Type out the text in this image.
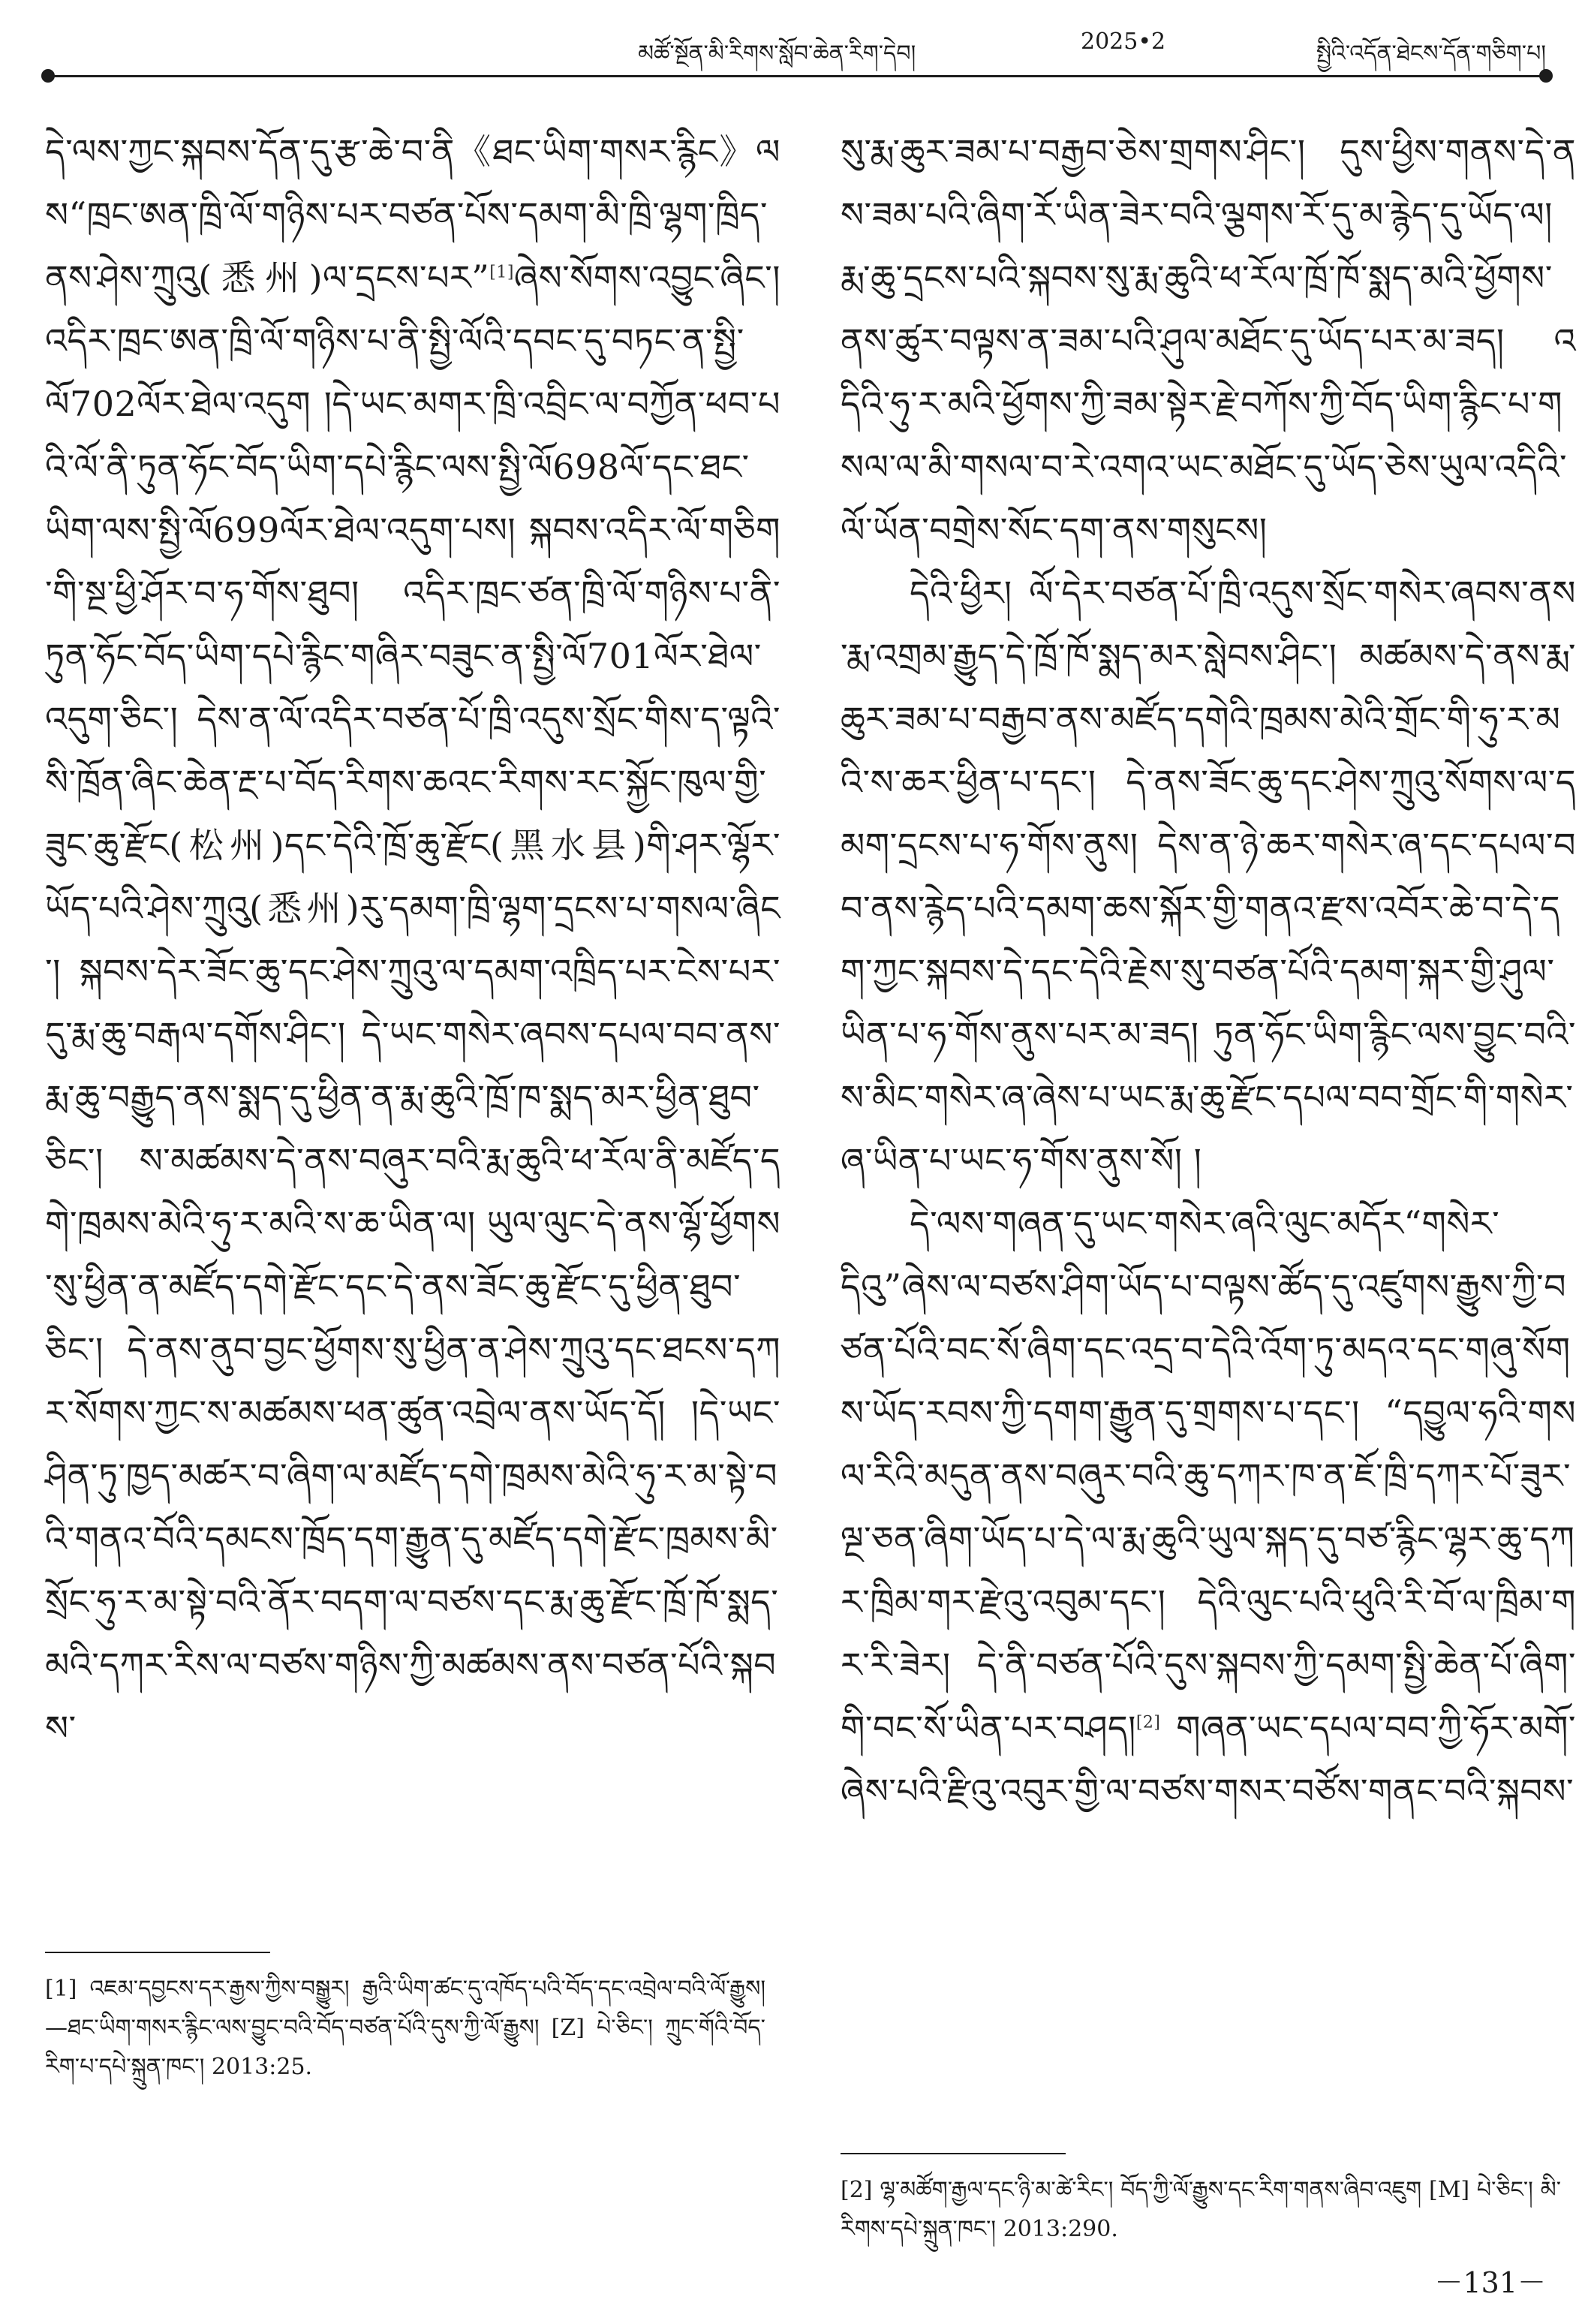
མཚོ་སྔོན་མི་རིགས་སློབ་ཆེན་རིག་དེབ།	2025•2	སྤྱིའི་འདོན་ཐེངས་དོན་གཅིག་པ།

དེ་ལས་ཀྱང་སྐབས་དོན་དུ་རྩ་ཆེ་བ་ནི《ཐང་ཡིག་གསར་རྙིང》ལས“ཁྲང་ཨན་ཁྲི་ལོ་གཉིས་པར་བཙན་པོས་དམག་མི་ཁྲི་ལྷག་ཁྲིད་ནས་ཤེས་ཀྲུའུ(悉州)ལ་དྲངས་པར”[1]ཞེས་སོགས་འབྱུང་ཞིང་། འདིར་ཁྲང་ཨན་ཁྲི་ལོ་གཉིས་པ་ནི་སྤྱི་ལོའི་དབང་དུ་བཏང་ན་སྤྱི་ལོ702ལོར་ཐེལ་འདུག །དེ་ཡང་མགར་ཁྲི་འབྲིང་ལ་བཀྱོན་ཕབ་པའི་ལོ་ནི་ཏུན་ཧོང་བོད་ཡིག་དཔེ་རྙིང་ལས་སྤྱི་ལོ698ལོ་དང་ཐང་ཡིག་ལས་སྤྱི་ལོ699ལོར་ཐེལ་འདུག་པས། སྐབས་འདིར་ལོ་གཅིག་གི་སྔ་ཕྱི་ཤོར་བ་ཧ་གོས་ཐུབ། འདིར་ཁྲང་ཙན་ཁྲི་ལོ་གཉིས་པ་ནི་ཏུན་ཧོང་བོད་ཡིག་དཔེ་རྙིང་གཞིར་བཟུང་ན་སྤྱི་ལོ701ལོར་ཐེལ་འདུག་ཅིང་། དེས་ན་ལོ་འདིར་བཙན་པོ་ཁྲི་འདུས་སྲོང་གིས་ད་ལྟའི་སི་ཁྲོན་ཞིང་ཆེན་རྔ་པ་བོད་རིགས་ཆའང་རིགས་རང་སྐྱོང་ཁུལ་གྱི་ཟུང་ཆུ་རྫོང(松州)དང་དེའི་ཁྲོ་ཆུ་རྫོང(黑水县)གི་ཤར་ལྷོར་ཡོད་པའི་ཤེས་ཀྲུའུ(悉州)རུ་དམག་ཁྲི་ལྷག་དྲངས་པ་གསལ་ཞིང་། སྐབས་དེར་ཟོང་ཆུ་དང་ཤེས་ཀྲུའུ་ལ་དམག་འཁྲིད་པར་ངེས་པར་དུ་རྨ་ཆུ་བརྒལ་དགོས་ཤིང་། དེ་ཡང་གསེར་ཞབས་དཔལ་བབ་ནས་རྨ་ཆུ་བརྒྱུད་ནས་སྨད་དུ་ཕྱིན་ན་རྨ་ཆུའི་ཁྲོ་ཁ་སྨད་མར་ཕྱིན་ཐུབ་ཅིང་། ས་མཚམས་དེ་ནས་བཞུར་བའི་རྨ་ཆུའི་ཕ་རོལ་ནི་མཛོད་དགེ་ཁྲམས་མེའི་ཧུ་ར་མའི་ས་ཆ་ཡིན་ལ། ཡུལ་ལུང་དེ་ནས་ལྷོ་ཕྱོགས་སུ་ཕྱིན་ན་མཛོད་དགེ་རྫོང་དང་དེ་ནས་ཟོང་ཆུ་རྫོང་དུ་ཕྱིན་ཐུབ་ཅིང་། དེ་ནས་ནུབ་བྱང་ཕྱོགས་སུ་ཕྱིན་ན་ཤེས་ཀྲུའུ་དང་ཐངས་དཀར་སོགས་ཀྱང་ས་མཚམས་ཕན་ཚུན་འབྲེལ་ནས་ཡོད་དོ། །དེ་ཡང་ཤིན་ཏུ་ཁྱད་མཚར་བ་ཞིག་ལ་མཛོད་དགེ་ཁྲམས་མེའི་ཧུ་ར་མ་སྟེ་བའི་གནའ་བོའི་དམངས་ཁྲོད་དག་རྒྱུན་དུ་མཛོད་དགེ་རྫོང་ཁྲམས་མི་སྲོང་ཧུ་ར་མ་སྟེ་བའི་ནོར་བདག་ལ་བཙས་དང་རྨ་ཆུ་རྫོང་ཁྲོ་ཁོ་སྨད་མའི་དཀར་རིས་ལ་བཙས་གཉིས་ཀྱི་མཚམས་ནས་བཙན་པོའི་སྐབས་

སུ་རྨ་ཆུར་ཟམ་པ་བརྒྱབ་ཅེས་གྲགས་ཤིང་། དུས་ཕྱིས་གནས་དེ་ནས་ཟམ་པའི་ཞིག་རོ་ཡིན་ཟེར་བའི་ལྕགས་རོ་དུ་མ་རྙེད་དུ་ཡོད་ལ། རྨ་ཆུ་དྲངས་པའི་སྐབས་སུ་རྨ་ཆུའི་ཕ་རོལ་ཁྲོ་ཁོ་སྨད་མའི་ཕྱོགས་ནས་ཚུར་བལྟས་ན་ཟམ་པའི་ཤུལ་མཐོང་དུ་ཡོད་པར་མ་ཟད། འདིའི་ཧུ་ར་མའི་ཕྱོགས་ཀྱི་ཟམ་སྟེར་རྗེ་བཀོས་ཀྱི་བོད་ཡིག་རྙིང་པ་གསལ་ལ་མི་གསལ་བ་རེ་འགའ་ཡང་མཐོང་དུ་ཡོད་ཅེས་ཡུལ་འདིའི་ལོ་ཡོན་བགྲེས་སོང་དག་ནས་གསུངས།

དེའི་ཕྱིར། ལོ་དེར་བཙན་པོ་ཁྲི་འདུས་སྲོང་གསེར་ཞབས་ནས་རྨ་འགྲམ་རྒྱུད་དེ་ཁྲོ་ཁོ་སྨད་མར་སླེབས་ཤིང་། མཚམས་དེ་ནས་རྨ་ཆུར་ཟམ་པ་བརྒྱབ་ནས་མཛོད་དགེའི་ཁྲམས་མེའི་གྲོང་གི་ཧུ་ར་མའི་ས་ཆར་ཕྱིན་པ་དང་། དེ་ནས་ཟོང་ཆུ་དང་ཤེས་ཀྲུའུ་སོགས་ལ་དམག་དྲངས་པ་ཧ་གོས་ནུས། དེས་ན་ཉེ་ཆར་གསེར་ཞ་དང་དཔལ་བབ་ནས་རྙེད་པའི་དམག་ཆས་སྐོར་གྱི་གནའ་རྫས་འབོར་ཆེ་བ་དེ་དག་ཀྱང་སྐབས་དེ་དང་དེའི་རྗེས་སུ་བཙན་པོའི་དམག་སྐར་གྱི་ཤུལ་ཡིན་པ་ཧ་གོས་ནུས་པར་མ་ཟད། ཏུན་ཧོང་ཡིག་རྙིང་ལས་བྱུང་བའི་ས་མིང་གསེར་ཞ་ཞེས་པ་ཡང་རྨ་ཆུ་རྫོང་དཔལ་བབ་གྲོང་གི་གསེར་ཞ་ཡིན་པ་ཡང་ཧ་གོས་ནུས་སོ། །

དེ་ལས་གཞན་དུ་ཡང་གསེར་ཞའི་ལུང་མདོར“གསེར་དིའུ”ཞེས་ལ་བཙས་ཤིག་ཡོད་པ་བལྟས་ཚོད་དུ་འཛུགས་རྒྱུས་ཀྱི་བཙན་པོའི་བང་སོ་ཞིག་དང་འདྲ་བ་དེའི་འོག་ཏུ་མདའ་དང་གཞུ་སོགས་ཡོད་རབས་ཀྱི་དགག་རྒྱུན་དུ་གྲགས་པ་དང་། “དབྱུལ་ཧའི་གསལ་རིའི་མདུན་ནས་བཞུར་བའི་ཆུ་དཀར་ཁ་ན་ཇོ་ཁྲི་དཀར་པོ་ཟུར་ལྔ་ཅན་ཞིག་ཡོད་པ་དེ་ལ་རྨ་ཆུའི་ཡུལ་སྐད་དུ་བཙ་རྙིང་ལྷར་ཆུ་དཀར་ཁྲིམ་གར་རྫེའུ་འབུམ་དང་། དེའི་ལུང་པའི་ཕུའི་རི་བོ་ལ་ཁྲིམ་གར་རི་ཟེར། དེ་ནི་བཙན་པོའི་དུས་སྐབས་ཀྱི་དམག་སྤྱི་ཆེན་པོ་ཞིག་གི་བང་སོ་ཡིན་པར་བཤད།[2] གཞན་ཡང་དཔལ་བབ་ཀྱི་ཧོར་མགོ་ཞེས་པའི་རྫིའུ་འབུར་གྱི་ལ་བཙས་གསར་བཙོས་གནང་བའི་སྐབས་

[1] འཇམ་དབྱངས་དར་རྒྱས་ཀྱིས་བསྒྱུར། རྒྱའི་ཡིག་ཚང་དུ་འཁོད་པའི་བོད་དང་འབྲེལ་བའི་ལོ་རྒྱུས། —ཐང་ཡིག་གསར་རྙིང་ལས་བྱུང་བའི་བོད་བཙན་པོའི་དུས་ཀྱི་ལོ་རྒྱུས། [Z] པེ་ཅིང་། ཀྲུང་གོའི་བོད་རིག་པ་དཔེ་སྐྲུན་ཁང་། 2013:25.
[2] ལྷ་མཚོག་རྒྱལ་དང་ཉི་མ་ཚེ་རིང་། བོད་ཀྱི་ལོ་རྒྱུས་དང་རིག་གནས་ཞིབ་འཇུག [M] པེ་ཅིང་། མི་རིགས་དཔེ་སྐྲུན་ཁང་། 2013:290.
－131－
